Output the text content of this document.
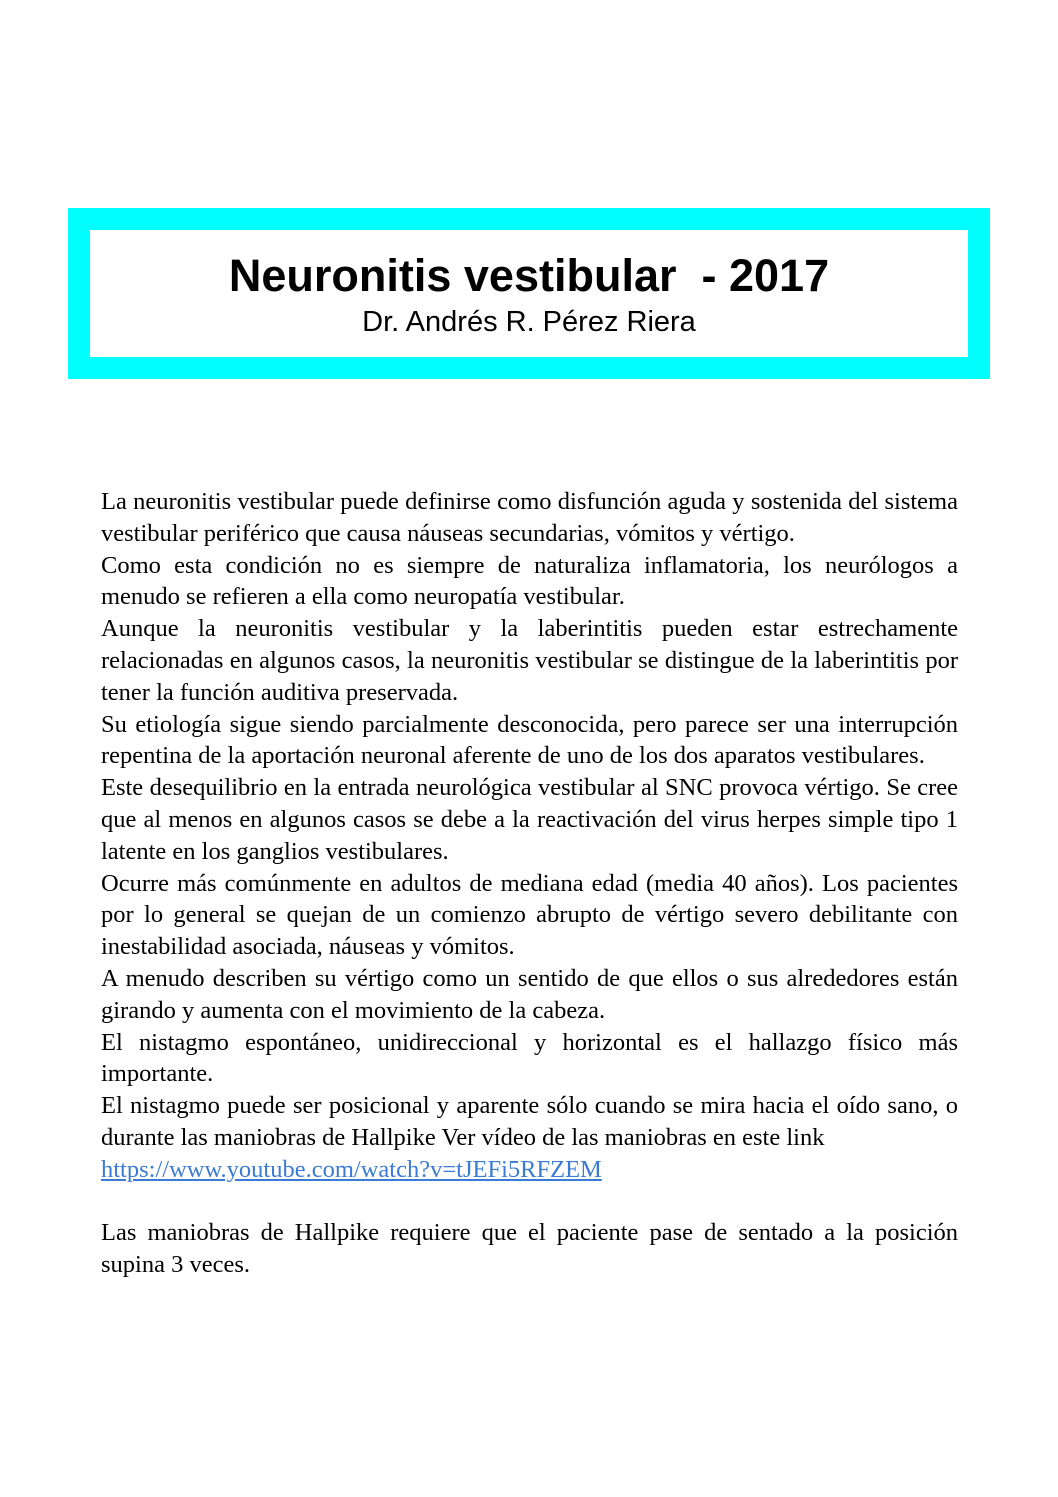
Neuronitis vestibular  - 2017

Dr. Andrés R. Pérez Riera

La neuronitis vestibular puede definirse como disfunción aguda y sostenida del sistema vestibular periférico que causa náuseas secundarias, vómitos y vértigo.

Como esta condición no es siempre de naturaliza inflamatoria, los neurólogos a menudo se refieren a ella como neuropatía vestibular.

Aunque la neuronitis vestibular y la laberintitis pueden estar estrechamente relacionadas en algunos casos, la neuronitis vestibular se distingue de la laberintitis por tener la función auditiva preservada.

Su etiología sigue siendo parcialmente desconocida, pero parece ser una interrupción repentina de la aportación neuronal aferente de uno de los dos aparatos vestibulares.

Este desequilibrio en la entrada neurológica vestibular al SNC provoca vértigo. Se cree que al menos en algunos casos se debe a la reactivación del virus herpes simple tipo 1 latente en los ganglios vestibulares.

Ocurre más comúnmente en adultos de mediana edad (media 40 años). Los pacientes por lo general se quejan de un comienzo abrupto de vértigo severo debilitante con inestabilidad asociada, náuseas y vómitos.

A menudo describen su vértigo como un sentido de que ellos o sus alrededores están girando y aumenta con el movimiento de la cabeza.

El nistagmo espontáneo, unidireccional y horizontal es el hallazgo físico más importante.

El nistagmo puede ser posicional y aparente sólo cuando se mira hacia el oído sano, o durante las maniobras de Hallpike Ver vídeo de las maniobras en este link

https://www.youtube.com/watch?v=tJEFi5RFZEM

Las maniobras de Hallpike requiere que el paciente pase de sentado a la posición supina 3 veces.
